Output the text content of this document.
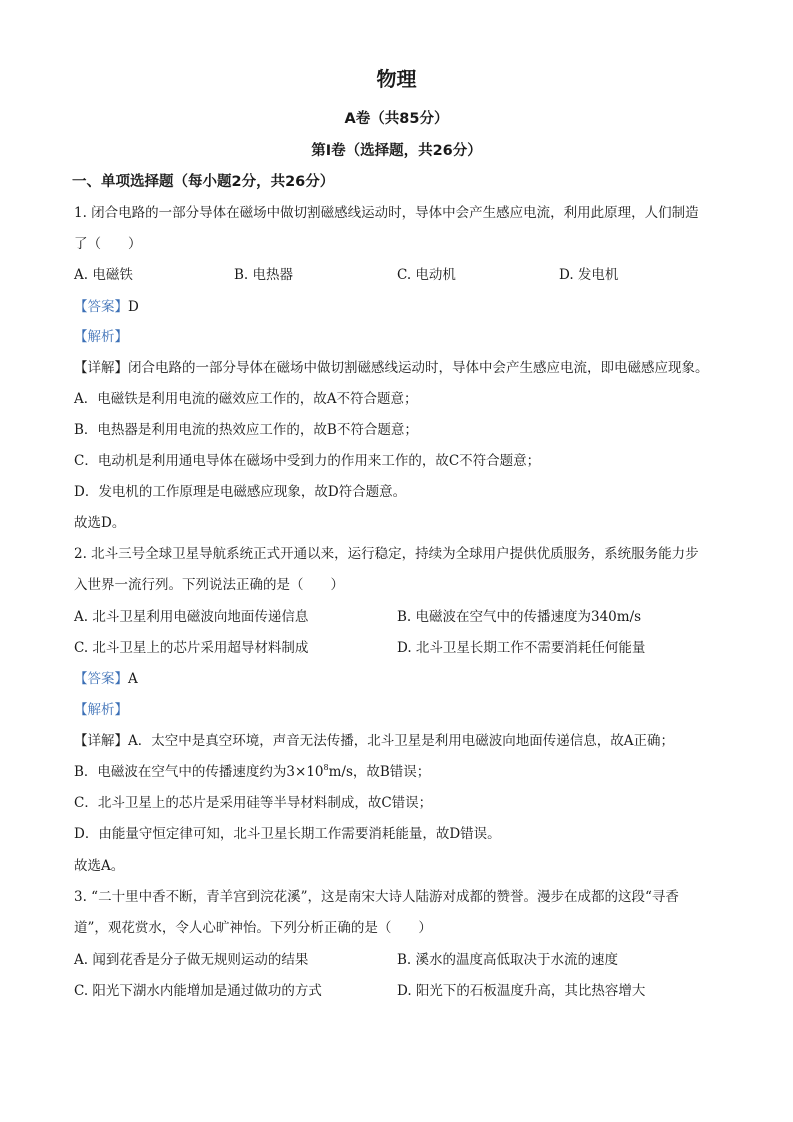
物理
A卷（共85分）
第Ⅰ卷（选择题，共26分）
一、单项选择题（每小题2分，共26分）
1. 闭合电路的一部分导体在磁场中做切割磁感线运动时，导体中会产生感应电流，利用此原理，人们制造
了（　　）
A. 电磁铁	B. 电热器	C. 电动机	D. 发电机
【答案】D
【解析】
【详解】闭合电路的一部分导体在磁场中做切割磁感线运动时，导体中会产生感应电流，即电磁感应现象。
A．电磁铁是利用电流的磁效应工作的，故A不符合题意；
B．电热器是利用电流的热效应工作的，故B不符合题意；
C．电动机是利用通电导体在磁场中受到力的作用来工作的，故C不符合题意；
D．发电机的工作原理是电磁感应现象，故D符合题意。
故选D。
2. 北斗三号全球卫星导航系统正式开通以来，运行稳定，持续为全球用户提供优质服务，系统服务能力步
入世界一流行列。下列说法正确的是（　　）
A. 北斗卫星利用电磁波向地面传递信息	B. 电磁波在空气中的传播速度为340m/s
C. 北斗卫星上的芯片采用超导材料制成	D. 北斗卫星长期工作不需要消耗任何能量
【答案】A
【解析】
【详解】A．太空中是真空环境，声音无法传播，北斗卫星是利用电磁波向地面传递信息，故A正确；
B．电磁波在空气中的传播速度约为$3\times 10^8m/s$，故B错误；
C．北斗卫星上的芯片是采用硅等半导材料制成，故C错误；
D．由能量守恒定律可知，北斗卫星长期工作需要消耗能量，故D错误。
故选A。
3. “二十里中香不断，青羊宫到浣花溪”，这是南宋大诗人陆游对成都的赞誉。漫步在成都的这段“寻香
道”，观花赏水，令人心旷神怡。下列分析正确的是（　　）
A. 闻到花香是分子做无规则运动的结果	B. 溪水的温度高低取决于水流的速度
C. 阳光下湖水内能增加是通过做功的方式	D. 阳光下的石板温度升高，其比热容增大
